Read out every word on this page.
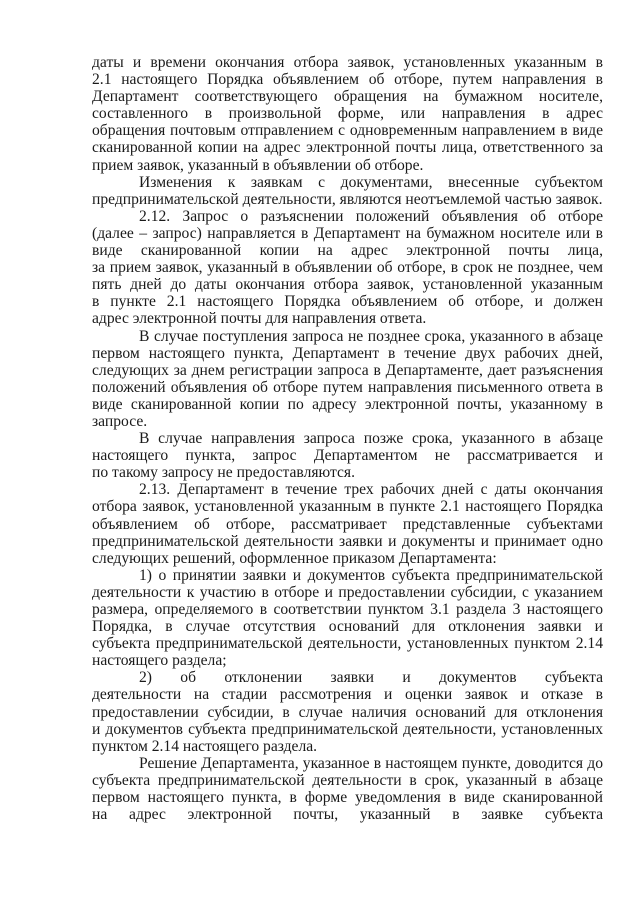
даты и времени окончания отбора заявок, установленных указанным в
2.1 настоящего Порядка объявлением об отборе, путем направления в
Департамент соответствующего обращения на бумажном носителе,
составленного в произвольной форме, или направления в адрес
обращения почтовым отправлением с одновременным направлением в виде
сканированной копии на адрес электронной почты лица, ответственного за
прием заявок, указанный в объявлении об отборе.
Изменения к заявкам с документами, внесенные субъектом
предпринимательской деятельности, являются неотъемлемой частью заявок.
2.12. Запрос о разъяснении положений объявления об отборе
(далее – запрос) направляется в Департамент на бумажном носителе или в
виде сканированной копии на адрес электронной почты лица,
за прием заявок, указанный в объявлении об отборе, в срок не позднее, чем
пять дней до даты окончания отбора заявок, установленной указанным
в пункте 2.1 настоящего Порядка объявлением об отборе, и должен
адрес электронной почты для направления ответа.
В случае поступления запроса не позднее срока, указанного в абзаце
первом настоящего пункта, Департамент в течение двух рабочих дней,
следующих за днем регистрации запроса в Департаменте, дает разъяснения
положений объявления об отборе путем направления письменного ответа в
виде сканированной копии по адресу электронной почты, указанному в
запросе.
В случае направления запроса позже срока, указанного в абзаце
настоящего пункта, запрос Департаментом не рассматривается и
по такому запросу не предоставляются.
2.13. Департамент в течение трех рабочих дней с даты окончания
отбора заявок, установленной указанным в пункте 2.1 настоящего Порядка
объявлением об отборе, рассматривает представленные субъектами
предпринимательской деятельности заявки и документы и принимает одно
следующих решений, оформленное приказом Департамента:
1) о принятии заявки и документов субъекта предпринимательской
деятельности к участию в отборе и предоставлении субсидии, с указанием
размера, определяемого в соответствии пунктом 3.1 раздела 3 настоящего
Порядка, в случае отсутствия оснований для отклонения заявки и
субъекта предпринимательской деятельности, установленных пунктом 2.14
настоящего раздела;
2) об отклонении заявки и документов субъекта
деятельности на стадии рассмотрения и оценки заявок и отказе в
предоставлении субсидии, в случае наличия оснований для отклонения
и документов субъекта предпринимательской деятельности, установленных
пунктом 2.14 настоящего раздела.
Решение Департамента, указанное в настоящем пункте, доводится до
субъекта предпринимательской деятельности в срок, указанный в абзаце
первом настоящего пункта, в форме уведомления в виде сканированной
на адрес электронной почты, указанный в заявке субъекта
